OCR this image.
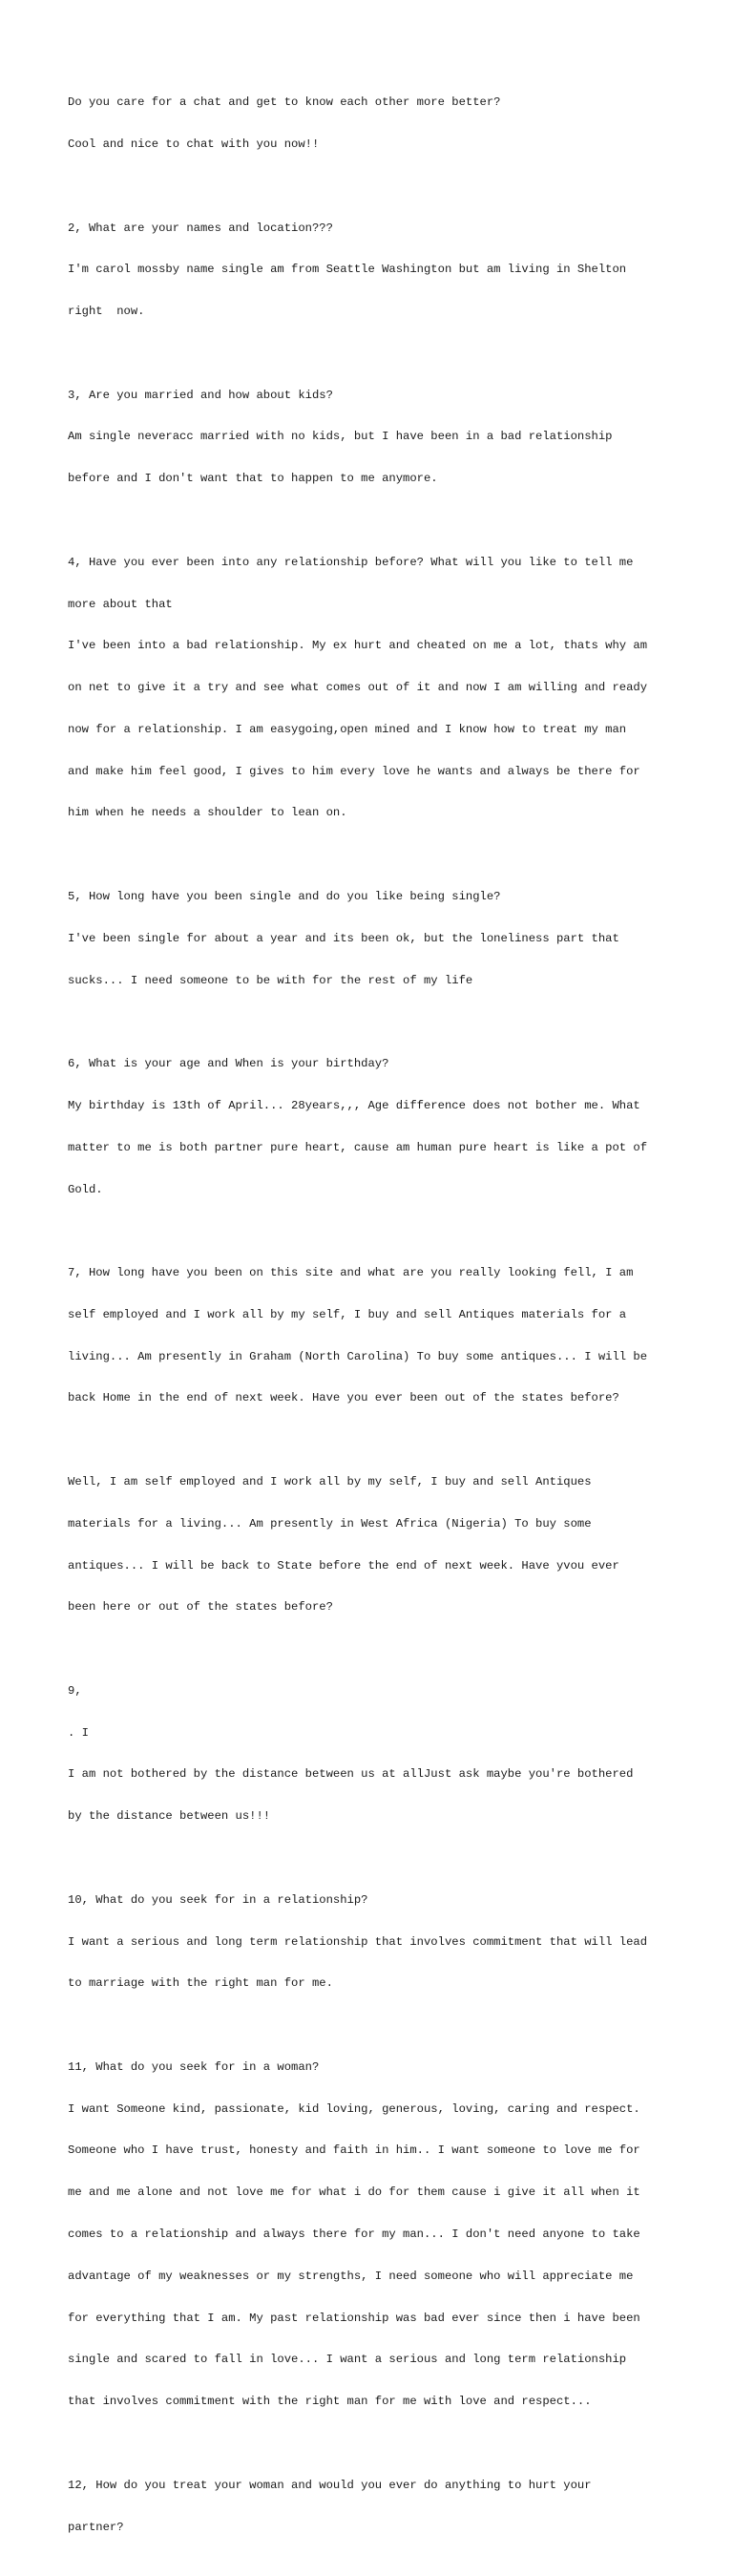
Do you care for a chat and get to know each other more better?

Cool and nice to chat with you now!!

2, What are your names and location???

I'm carol mossby name single am from Seattle Washington but am living in Shelton

right  now.

3, Are you married and how about kids?

Am single neveracc married with no kids, but I have been in a bad relationship

before and I don't want that to happen to me anymore.

4, Have you ever been into any relationship before? What will you like to tell me

more about that

I've been into a bad relationship. My ex hurt and cheated on me a lot, thats why am

on net to give it a try and see what comes out of it and now I am willing and ready

now for a relationship. I am easygoing,open mined and I know how to treat my man

and make him feel good, I gives to him every love he wants and always be there for

him when he needs a shoulder to lean on.

5, How long have you been single and do you like being single?

I've been single for about a year and its been ok, but the loneliness part that

sucks... I need someone to be with for the rest of my life

6, What is your age and When is your birthday?

My birthday is 13th of April... 28years,,, Age difference does not bother me. What

matter to me is both partner pure heart, cause am human pure heart is like a pot of

Gold.

7, How long have you been on this site and what are you really looking fell, I am

self employed and I work all by my self, I buy and sell Antiques materials for a

living... Am presently in Graham (North Carolina) To buy some antiques... I will be

back Home in the end of next week. Have you ever been out of the states before?

Well, I am self employed and I work all by my self, I buy and sell Antiques

materials for a living... Am presently in West Africa (Nigeria) To buy some

antiques... I will be back to State before the end of next week. Have yvou ever

been here or out of the states before?

9,

. I

I am not bothered by the distance between us at allJust ask maybe you're bothered

by the distance between us!!!

10, What do you seek for in a relationship?

I want a serious and long term relationship that involves commitment that will lead

to marriage with the right man for me.

11, What do you seek for in a woman?

I want Someone kind, passionate, kid loving, generous, loving, caring and respect.

Someone who I have trust, honesty and faith in him.. I want someone to love me for

me and me alone and not love me for what i do for them cause i give it all when it

comes to a relationship and always there for my man... I don't need anyone to take

advantage of my weaknesses or my strengths, I need someone who will appreciate me

for everything that I am. My past relationship was bad ever since then i have been

single and scared to fall in love... I want a serious and long term relationship

that involves commitment with the right man for me with love and respect...

12, How do you treat your woman and would you ever do anything to hurt your

partner?
